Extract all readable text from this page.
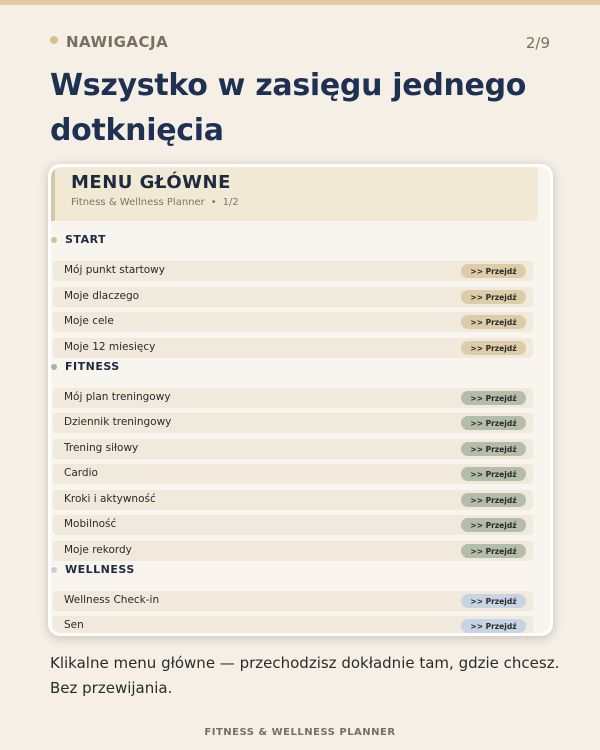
NAWIGACJA	2/9
Wszystko w zasięgu jednego dotknięcia
MENU GŁÓWNE
Fitness & Wellness Planner • 1/2
START
Mój punkt startowy	>> Przejdź
Moje dlaczego	>> Przejdź
Moje cele	>> Przejdź
Moje 12 miesięcy	>> Przejdź
FITNESS
Mój plan treningowy	>> Przejdź
Dziennik treningowy	>> Przejdź
Trening siłowy	>> Przejdź
Cardio	>> Przejdź
Kroki i aktywność	>> Przejdź
Mobilność	>> Przejdź
Moje rekordy	>> Przejdź
WELLNESS
Wellness Check-in	>> Przejdź
Sen	>> Przejdź

Klikalne menu główne — przechodzisz dokładnie tam, gdzie chcesz. Bez przewijania.

FITNESS & WELLNESS PLANNER
